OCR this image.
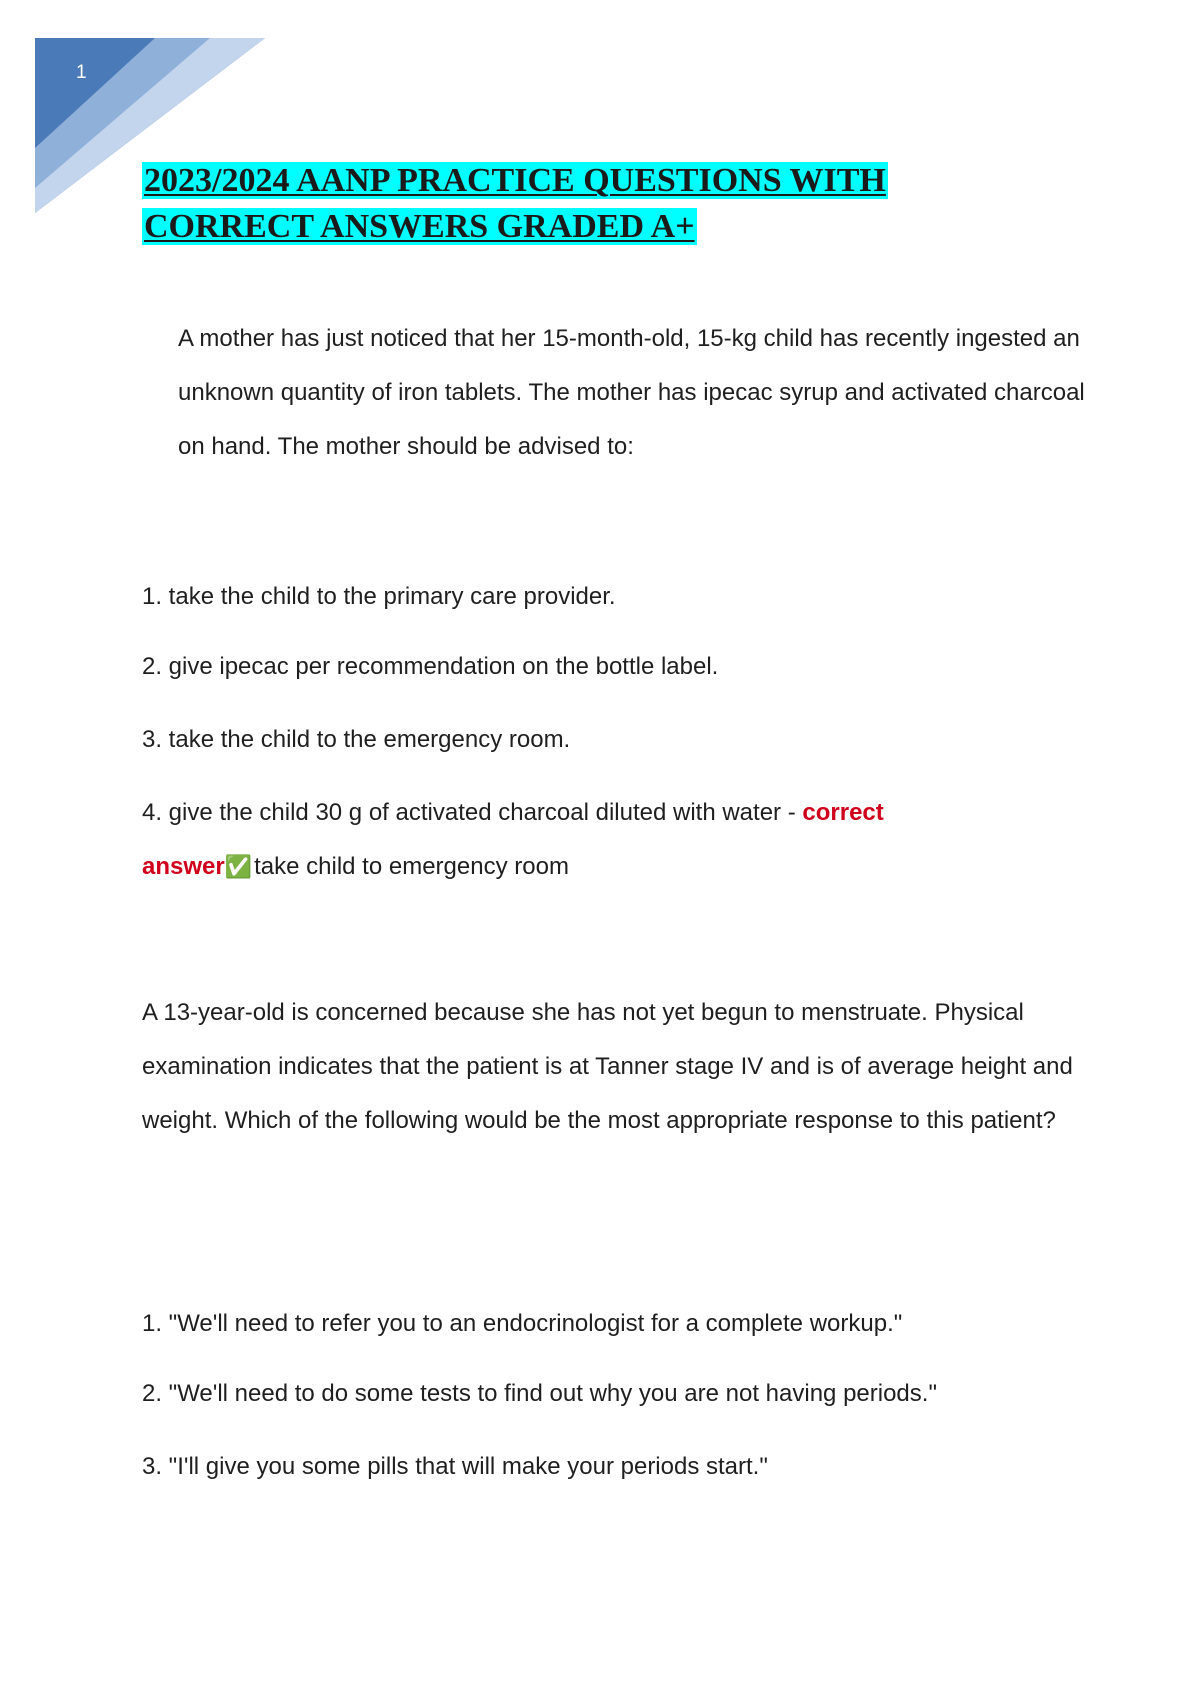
1
2023/2024 AANP PRACTICE QUESTIONS WITH
CORRECT ANSWERS GRADED A+

A mother has just noticed that her 15-month-old, 15-kg child has recently ingested an unknown quantity of iron tablets. The mother has ipecac syrup and activated charcoal on hand. The mother should be advised to:

1. take the child to the primary care provider.

2. give ipecac per recommendation on the bottle label.

3. take the child to the emergency room.

4. give the child 30 g of activated charcoal diluted with water - correct answer✅take child to emergency room

A 13-year-old is concerned because she has not yet begun to menstruate. Physical examination indicates that the patient is at Tanner stage IV and is of average height and weight. Which of the following would be the most appropriate response to this patient?

1. "We'll need to refer you to an endocrinologist for a complete workup."

2. "We'll need to do some tests to find out why you are not having periods."

3. "I'll give you some pills that will make your periods start."
